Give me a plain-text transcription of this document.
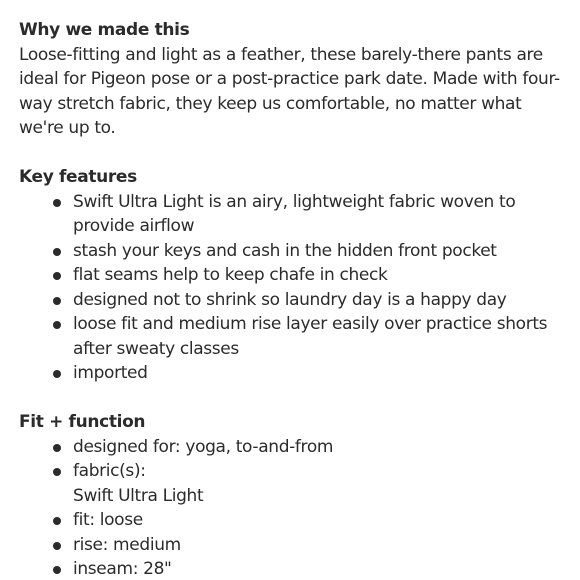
Why we made this

Loose-fitting and light as a feather, these barely-there pants are ideal for Pigeon pose or a post-practice park date. Made with four-way stretch fabric, they keep us comfortable, no matter what we're up to.

Key features
Swift Ultra Light is an airy, lightweight fabric woven to provide airflow
stash your keys and cash in the hidden front pocket
flat seams help to keep chafe in check
designed not to shrink so laundry day is a happy day
loose fit and medium rise layer easily over practice shorts after sweaty classes
imported
Fit + function
designed for: yoga, to-and-from
fabric(s):
Swift Ultra Light
fit: loose
rise: medium
inseam: 28"
